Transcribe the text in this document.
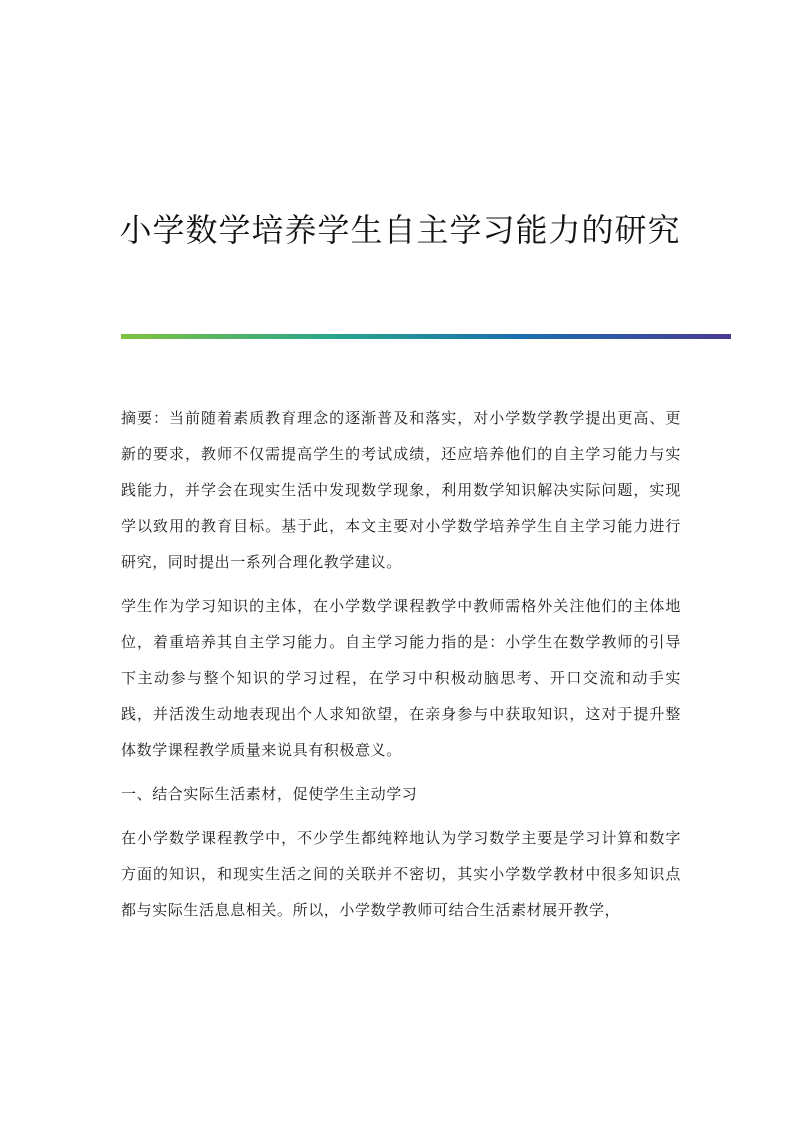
小学数学培养学生自主学习能力的研究

摘要：当前随着素质教育理念的逐渐普及和落实，对小学数学教学提出更高、更新的要求，教师不仅需提高学生的考试成绩，还应培养他们的自主学习能力与实践能力，并学会在现实生活中发现数学现象，利用数学知识解决实际问题，实现学以致用的教育目标。基于此，本文主要对小学数学培养学生自主学习能力进行研究，同时提出一系列合理化教学建议。

学生作为学习知识的主体，在小学数学课程教学中教师需格外关注他们的主体地位，着重培养其自主学习能力。自主学习能力指的是：小学生在数学教师的引导下主动参与整个知识的学习过程，在学习中积极动脑思考、开口交流和动手实践，并活泼生动地表现出个人求知欲望，在亲身参与中获取知识，这对于提升整体数学课程教学质量来说具有积极意义。

一、结合实际生活素材，促使学生主动学习

在小学数学课程教学中，不少学生都纯粹地认为学习数学主要是学习计算和数字方面的知识，和现实生活之间的关联并不密切，其实小学数学教材中很多知识点都与实际生活息息相关。所以，小学数学教师可结合生活素材展开教学，
